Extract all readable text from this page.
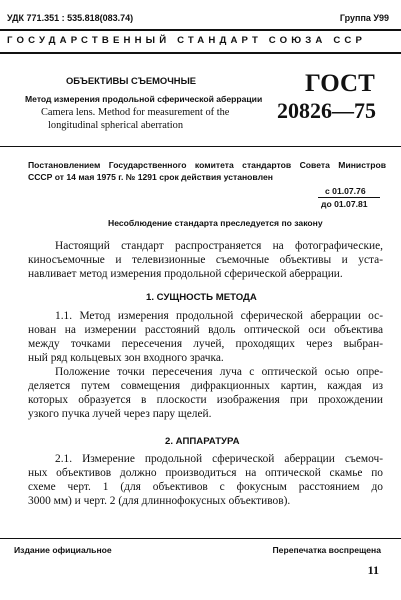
УДК 771.351 : 535.818(083.74)	Группа У99
ГОСУДАРСТВЕННЫЙ СТАНДАРТ СОЮЗА ССР
ОБЪЕКТИВЫ СЪЕМОЧНЫЕ
Метод измерения продольной сферической аберрации
Camera lens. Method for measurement of the
longitudinal spherical aberration
ГОСТ
20826—75
Постановлением Государственного комитета стандартов Совета Министров
СССР от 14 мая 1975 г. № 1291 срок действия установлен
с 01.07.76
до 01.07.81
Несоблюдение стандарта преследуется по закону
Настоящий стандарт распространяется на фотографические,
киносъемочные и телевизионные съемочные объективы и уста-
навливает метод измерения продольной сферической аберрации.
1. СУЩНОСТЬ МЕТОДА
1.1. Метод измерения продольной сферической аберрации ос-
нован на измерении расстояний вдоль оптической оси объектива
между точками пересечения лучей, проходящих через выбран-
ный ряд кольцевых зон входного зрачка.
Положение точки пересечения луча с оптической осью опре-
деляется путем совмещения дифракционных картин, каждая из
которых образуется в плоскости изображения при прохождении
узкого пучка лучей через пару щелей.
2. АППАРАТУРА
2.1. Измерение продольной сферической аберрации съемоч-
ных объективов должно производиться на оптической скамье по
схеме черт. 1 (для объективов с фокусным расстоянием до
3000 мм) и черт. 2 (для длиннофокусных объективов).
Издание официальное	Перепечатка воспрещена
11
